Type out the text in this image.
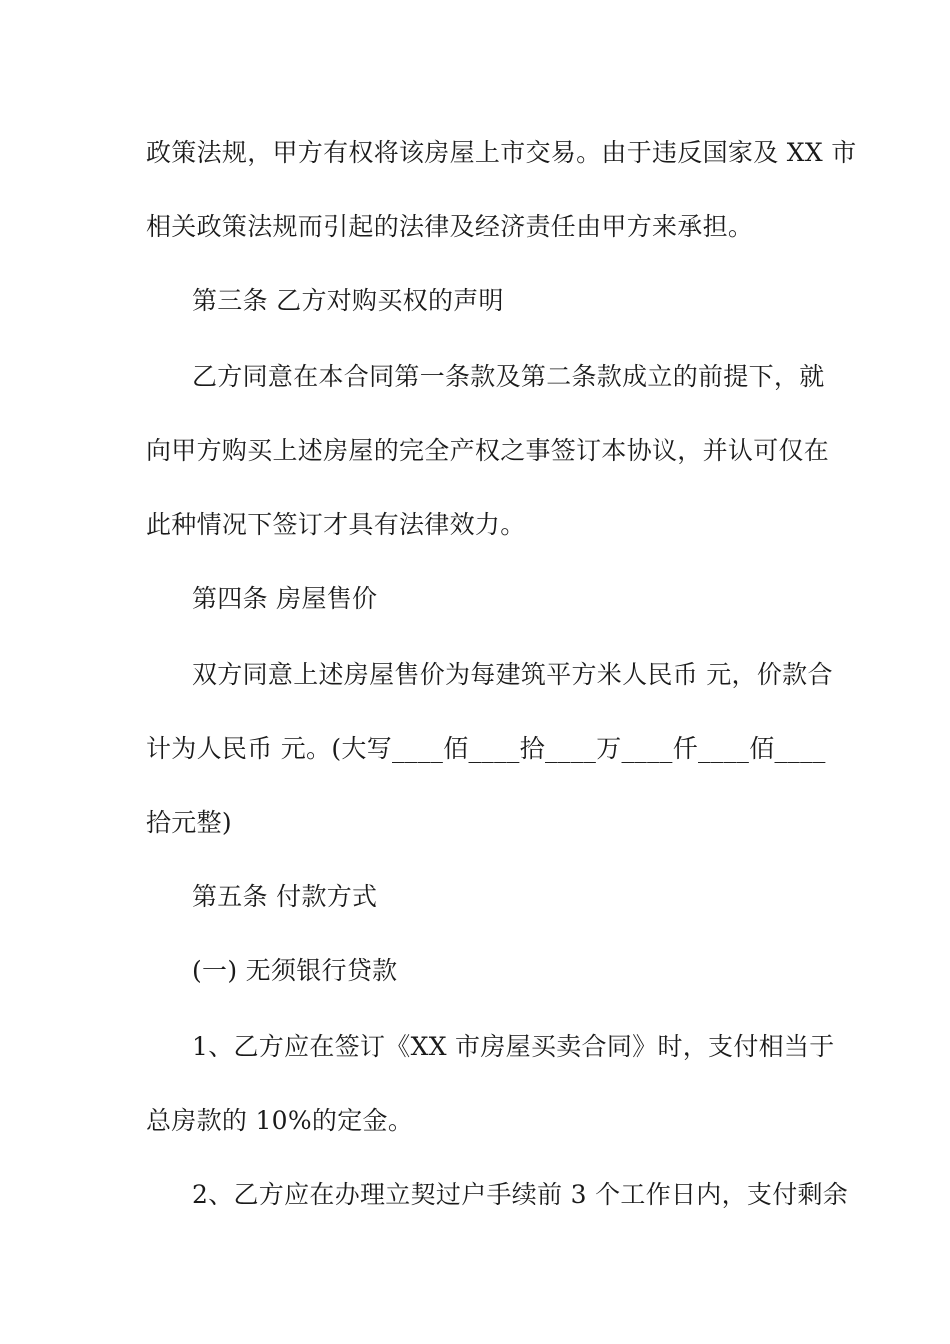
政策法规，甲方有权将该房屋上市交易。由于违反国家及 XX 市
相关政策法规而引起的法律及经济责任由甲方来承担。
第三条 乙方对购买权的声明
乙方同意在本合同第一条款及第二条款成立的前提下，就
向甲方购买上述房屋的完全产权之事签订本协议，并认可仅在
此种情况下签订才具有法律效力。
第四条 房屋售价
双方同意上述房屋售价为每建筑平方米人民币 元，价款合
计为人民币 元。(大写____佰____拾____万____仟____佰____
拾元整)
第五条 付款方式
(一) 无须银行贷款
1、乙方应在签订《XX 市房屋买卖合同》时，支付相当于
总房款的 10%的定金。
2、乙方应在办理立契过户手续前 3 个工作日内，支付剩余
